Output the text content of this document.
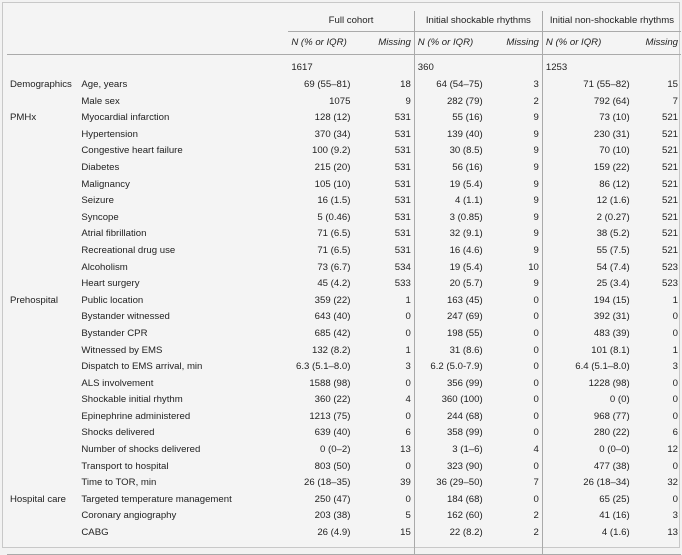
		Full cohort		Initial shockable rhythms		Initial non-shockable rhythms	
		N (% or IQR)	Missing	N (% or IQR)	Missing	N (% or IQR)	Missing
		1617		360		1253	
Demographics	Age, years	69 (55–81)	18	64 (54–75)	3	71 (55–82)	15
	Male sex	1075	9	282 (79)	2	792 (64)	7
PMHx	Myocardial infarction	128 (12)	531	55 (16)	9	73 (10)	521
	Hypertension	370 (34)	531	139 (40)	9	230 (31)	521
	Congestive heart failure	100 (9.2)	531	30 (8.5)	9	70 (10)	521
	Diabetes	215 (20)	531	56 (16)	9	159 (22)	521
	Malignancy	105 (10)	531	19 (5.4)	9	86 (12)	521
	Seizure	16 (1.5)	531	4 (1.1)	9	12 (1.6)	521
	Syncope	5 (0.46)	531	3 (0.85)	9	2 (0.27)	521
	Atrial fibrillation	71 (6.5)	531	32 (9.1)	9	38 (5.2)	521
	Recreational drug use	71 (6.5)	531	16 (4.6)	9	55 (7.5)	521
	Alcoholism	73 (6.7)	534	19 (5.4)	10	54 (7.4)	523
	Heart surgery	45 (4.2)	533	20 (5.7)	9	25 (3.4)	523
Prehospital	Public location	359 (22)	1	163 (45)	0	194 (15)	1
	Bystander witnessed	643 (40)	0	247 (69)	0	392 (31)	0
	Bystander CPR	685 (42)	0	198 (55)	0	483 (39)	0
	Witnessed by EMS	132 (8.2)	1	31 (8.6)	0	101 (8.1)	1
	Dispatch to EMS arrival, min	6.3 (5.1–8.0)	3	6.2 (5.0-7.9)	0	6.4 (5.1–8.0)	3
	ALS involvement	1588 (98)	0	356 (99)	0	1228 (98)	0
	Shockable initial rhythm	360 (22)	4	360 (100)	0	0 (0)	0
	Epinephrine administered	1213 (75)	0	244 (68)	0	968 (77)	0
	Shocks delivered	639 (40)	6	358 (99)	0	280 (22)	6
	Number of shocks delivered	0 (0–2)	13	3 (1–6)	4	0 (0–0)	12
	Transport to hospital	803 (50)	0	323 (90)	0	477 (38)	0
	Time to TOR, min	26 (18–35)	39	36 (29–50)	7	26 (18–34)	32
Hospital care	Targeted temperature management	250 (47)	0	184 (68)	0	65 (25)	0
	Coronary angiography	203 (38)	5	162 (60)	2	41 (16)	3
	CABG	26 (4.9)	15	22 (8.2)	2	4 (1.6)	13
